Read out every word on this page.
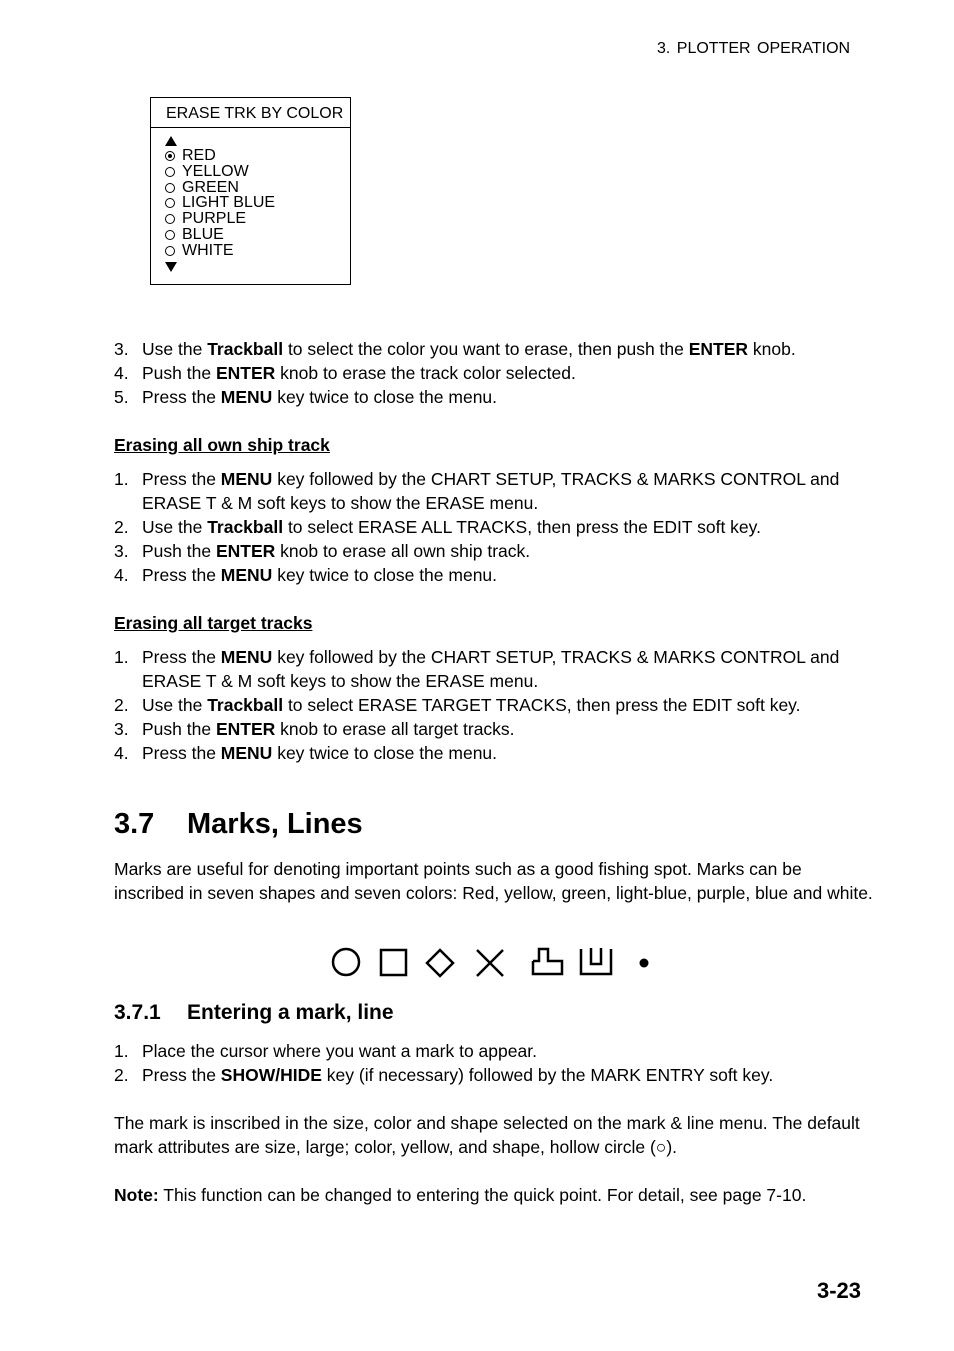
3. PLOTTER OPERATION
ERASE TRK BY COLOR
RED
YELLOW
GREEN
LIGHT BLUE
PURPLE
BLUE
WHITE
3. Use the Trackball to select the color you want to erase, then push the ENTER knob.
4. Push the ENTER knob to erase the track color selected.
5. Press the MENU key twice to close the menu.
Erasing all own ship track
1. Press the MENU key followed by the CHART SETUP, TRACKS & MARKS CONTROL and ERASE T & M soft keys to show the ERASE menu.
2. Use the Trackball to select ERASE ALL TRACKS, then press the EDIT soft key.
3. Push the ENTER knob to erase all own ship track.
4. Press the MENU key twice to close the menu.
Erasing all target tracks
1. Press the MENU key followed by the CHART SETUP, TRACKS & MARKS CONTROL and ERASE T & M soft keys to show the ERASE menu.
2. Use the Trackball to select ERASE TARGET TRACKS, then press the EDIT soft key.
3. Push the ENTER knob to erase all target tracks.
4. Press the MENU key twice to close the menu.
3.7 Marks, Lines
Marks are useful for denoting important points such as a good fishing spot. Marks can be inscribed in seven shapes and seven colors: Red, yellow, green, light-blue, purple, blue and white.
3.7.1 Entering a mark, line
1. Place the cursor where you want a mark to appear.
2. Press the SHOW/HIDE key (if necessary) followed by the MARK ENTRY soft key.
The mark is inscribed in the size, color and shape selected on the mark & line menu. The default mark attributes are size, large; color, yellow, and shape, hollow circle (○).
Note: This function can be changed to entering the quick point. For detail, see page 7-10.
3-23
